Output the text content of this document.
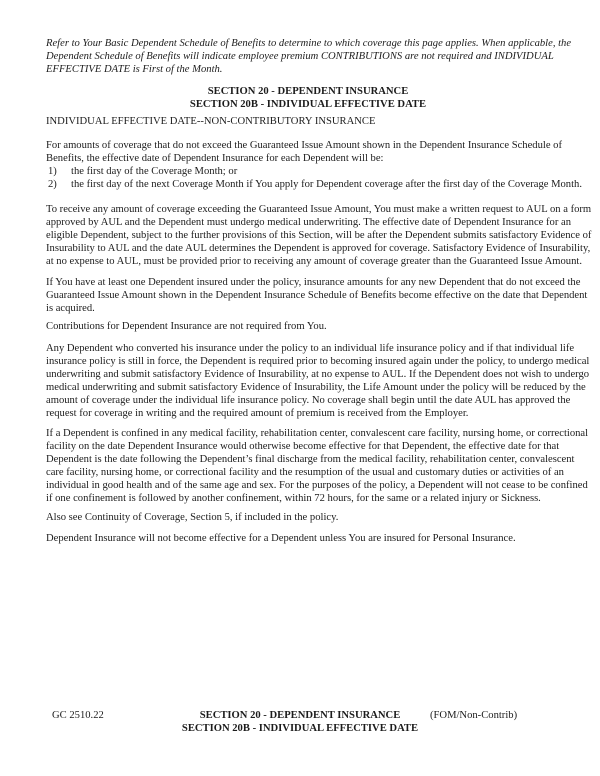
Refer to Your Basic Dependent Schedule of Benefits to determine to which coverage this page applies. When applicable, the Dependent Schedule of Benefits will indicate employee premium CONTRIBUTIONS are not required and INDIVIDUAL EFFECTIVE DATE is First of the Month.

SECTION 20 - DEPENDENT INSURANCE
SECTION 20B - INDIVIDUAL EFFECTIVE DATE

INDIVIDUAL EFFECTIVE DATE--NON-CONTRIBUTORY INSURANCE

For amounts of coverage that do not exceed the Guaranteed Issue Amount shown in the Dependent Insurance Schedule of Benefits, the effective date of Dependent Insurance for each Dependent will be:

1)	the first day of the Coverage Month; or
2)	the first day of the next Coverage Month if You apply for Dependent coverage after the first day of the Coverage Month.

To receive any amount of coverage exceeding the Guaranteed Issue Amount, You must make a written request to AUL on a form approved by AUL and the Dependent must undergo medical underwriting. The effective date of Dependent Insurance for an eligible Dependent, subject to the further provisions of this Section, will be after the Dependent submits satisfactory Evidence of Insurability to AUL and the date AUL determines the Dependent is approved for coverage. Satisfactory Evidence of Insurability, at no expense to AUL, must be provided prior to receiving any amount of coverage greater than the Guaranteed Issue Amount.

If You have at least one Dependent insured under the policy, insurance amounts for any new Dependent that do not exceed the Guaranteed Issue Amount shown in the Dependent Insurance Schedule of Benefits become effective on the date that Dependent is acquired.

Contributions for Dependent Insurance are not required from You.

Any Dependent who converted his insurance under the policy to an individual life insurance policy and if that individual life insurance policy is still in force, the Dependent is required prior to becoming insured again under the policy, to undergo medical underwriting and submit satisfactory Evidence of Insurability, at no expense to AUL. If the Dependent does not wish to undergo medical underwriting and submit satisfactory Evidence of Insurability, the Life Amount under the policy will be reduced by the amount of coverage under the individual life insurance policy. No coverage shall begin until the date AUL has approved the request for coverage in writing and the required amount of premium is received from the Employer.

If a Dependent is confined in any medical facility, rehabilitation center, convalescent care facility, nursing home, or correctional facility on the date Dependent Insurance would otherwise become effective for that Dependent, the effective date for that Dependent is the date following the Dependent’s final discharge from the medical facility, rehabilitation center, convalescent care facility, nursing home, or correctional facility and the resumption of the usual and customary duties or activities of an individual in good health and of the same age and sex. For the purposes of the policy, a Dependent will not cease to be confined if one confinement is followed by another confinement, within 72 hours, for the same or a related injury or Sickness.

Also see Continuity of Coverage, Section 5, if included in the policy.

Dependent Insurance will not become effective for a Dependent unless You are insured for Personal Insurance.

GC 2510.22	SECTION 20 - DEPENDENT INSURANCE
SECTION 20B - INDIVIDUAL EFFECTIVE DATE
(FOM/Non-Contrib)
